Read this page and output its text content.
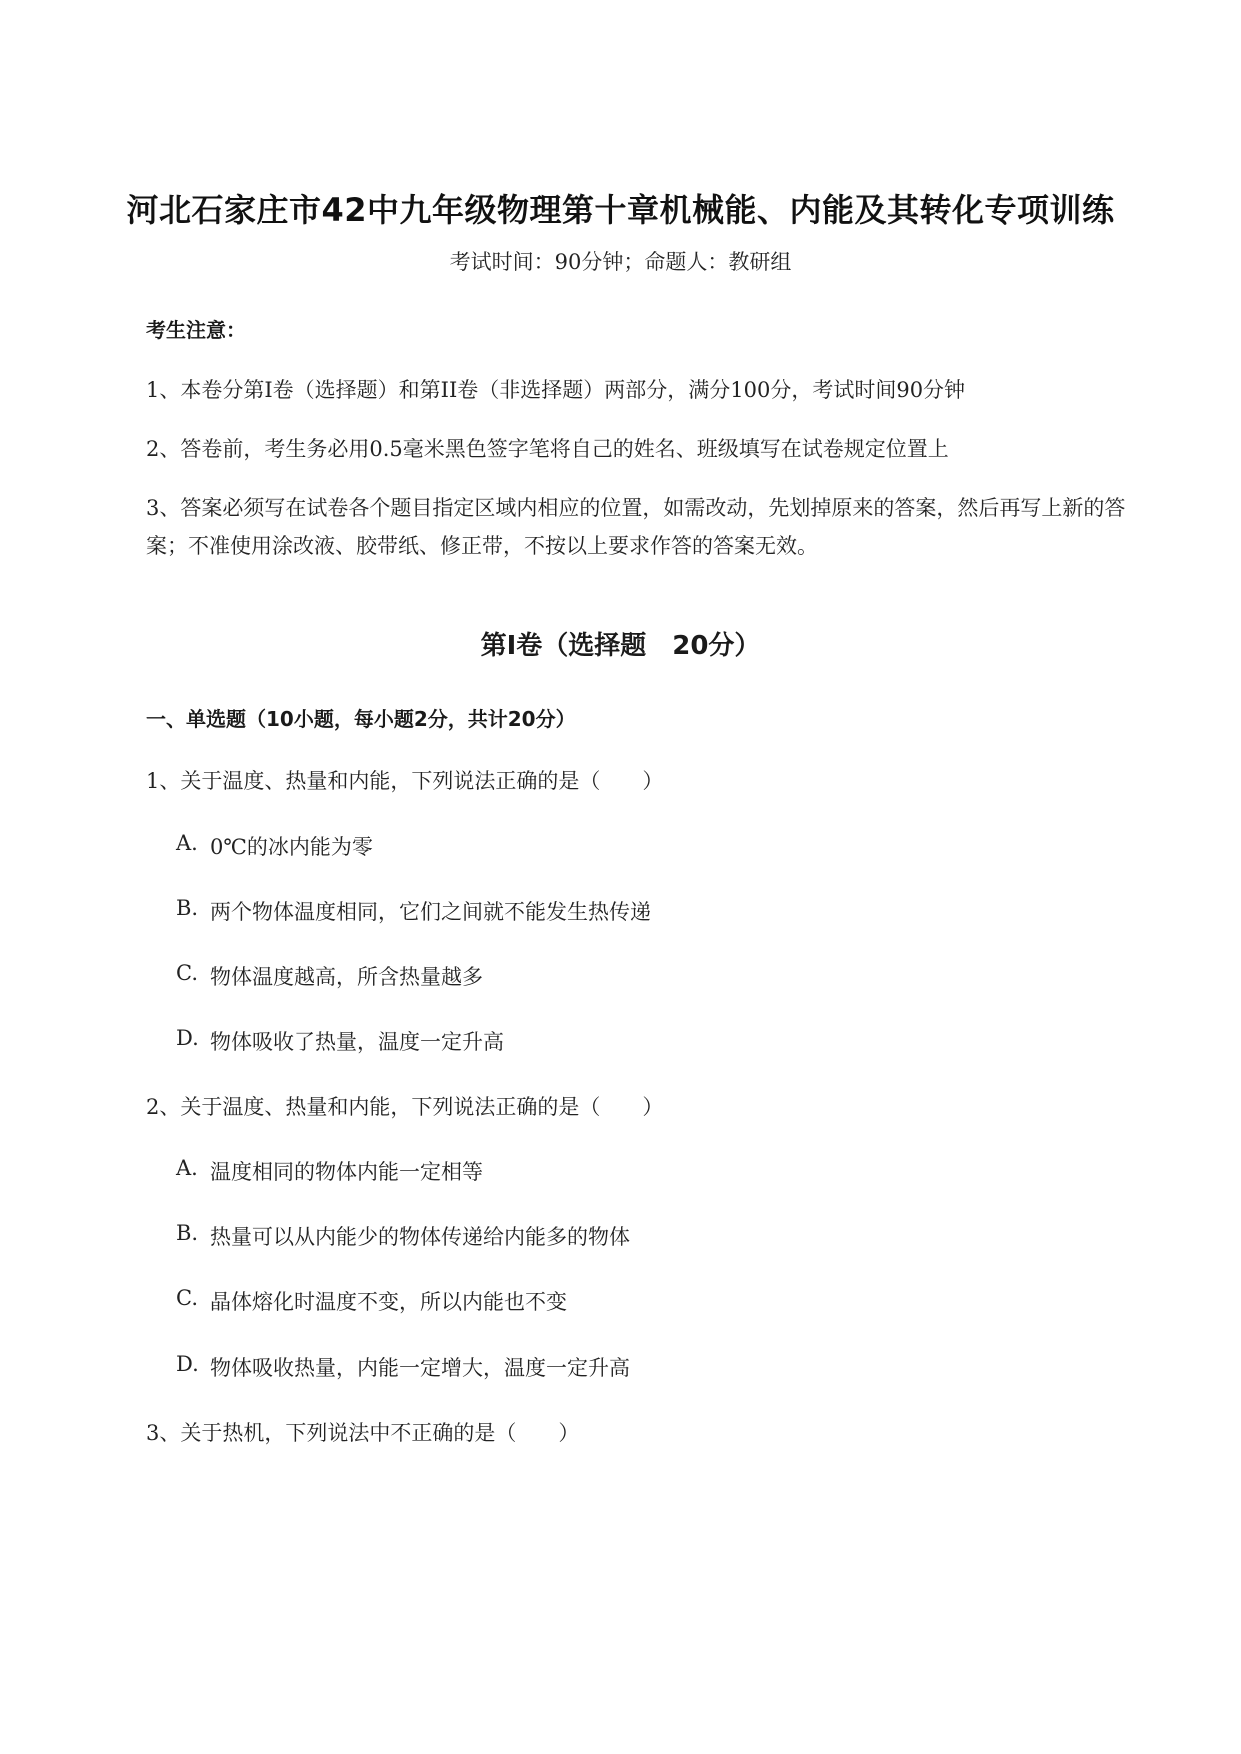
河北石家庄市42中九年级物理第十章机械能、内能及其转化专项训练
考试时间：90分钟；命题人：教研组
考生注意：
1、本卷分第I卷（选择题）和第II卷（非选择题）两部分，满分100分，考试时间90分钟
2、答卷前，考生务必用0.5毫米黑色签字笔将自己的姓名、班级填写在试卷规定位置上
3、答案必须写在试卷各个题目指定区域内相应的位置，如需改动，先划掉原来的答案，然后再写上新的答案；不准使用涂改液、胶带纸、修正带，不按以上要求作答的答案无效。
第I卷（选择题　20分）
一、单选题（10小题，每小题2分，共计20分）
1、关于温度、热量和内能，下列说法正确的是（　　）
A. 0℃的冰内能为零
B. 两个物体温度相同，它们之间就不能发生热传递
C. 物体温度越高，所含热量越多
D. 物体吸收了热量，温度一定升高
2、关于温度、热量和内能，下列说法正确的是（　　）
A. 温度相同的物体内能一定相等
B. 热量可以从内能少的物体传递给内能多的物体
C. 晶体熔化时温度不变，所以内能也不变
D. 物体吸收热量，内能一定增大，温度一定升高
3、关于热机，下列说法中不正确的是（　　）
